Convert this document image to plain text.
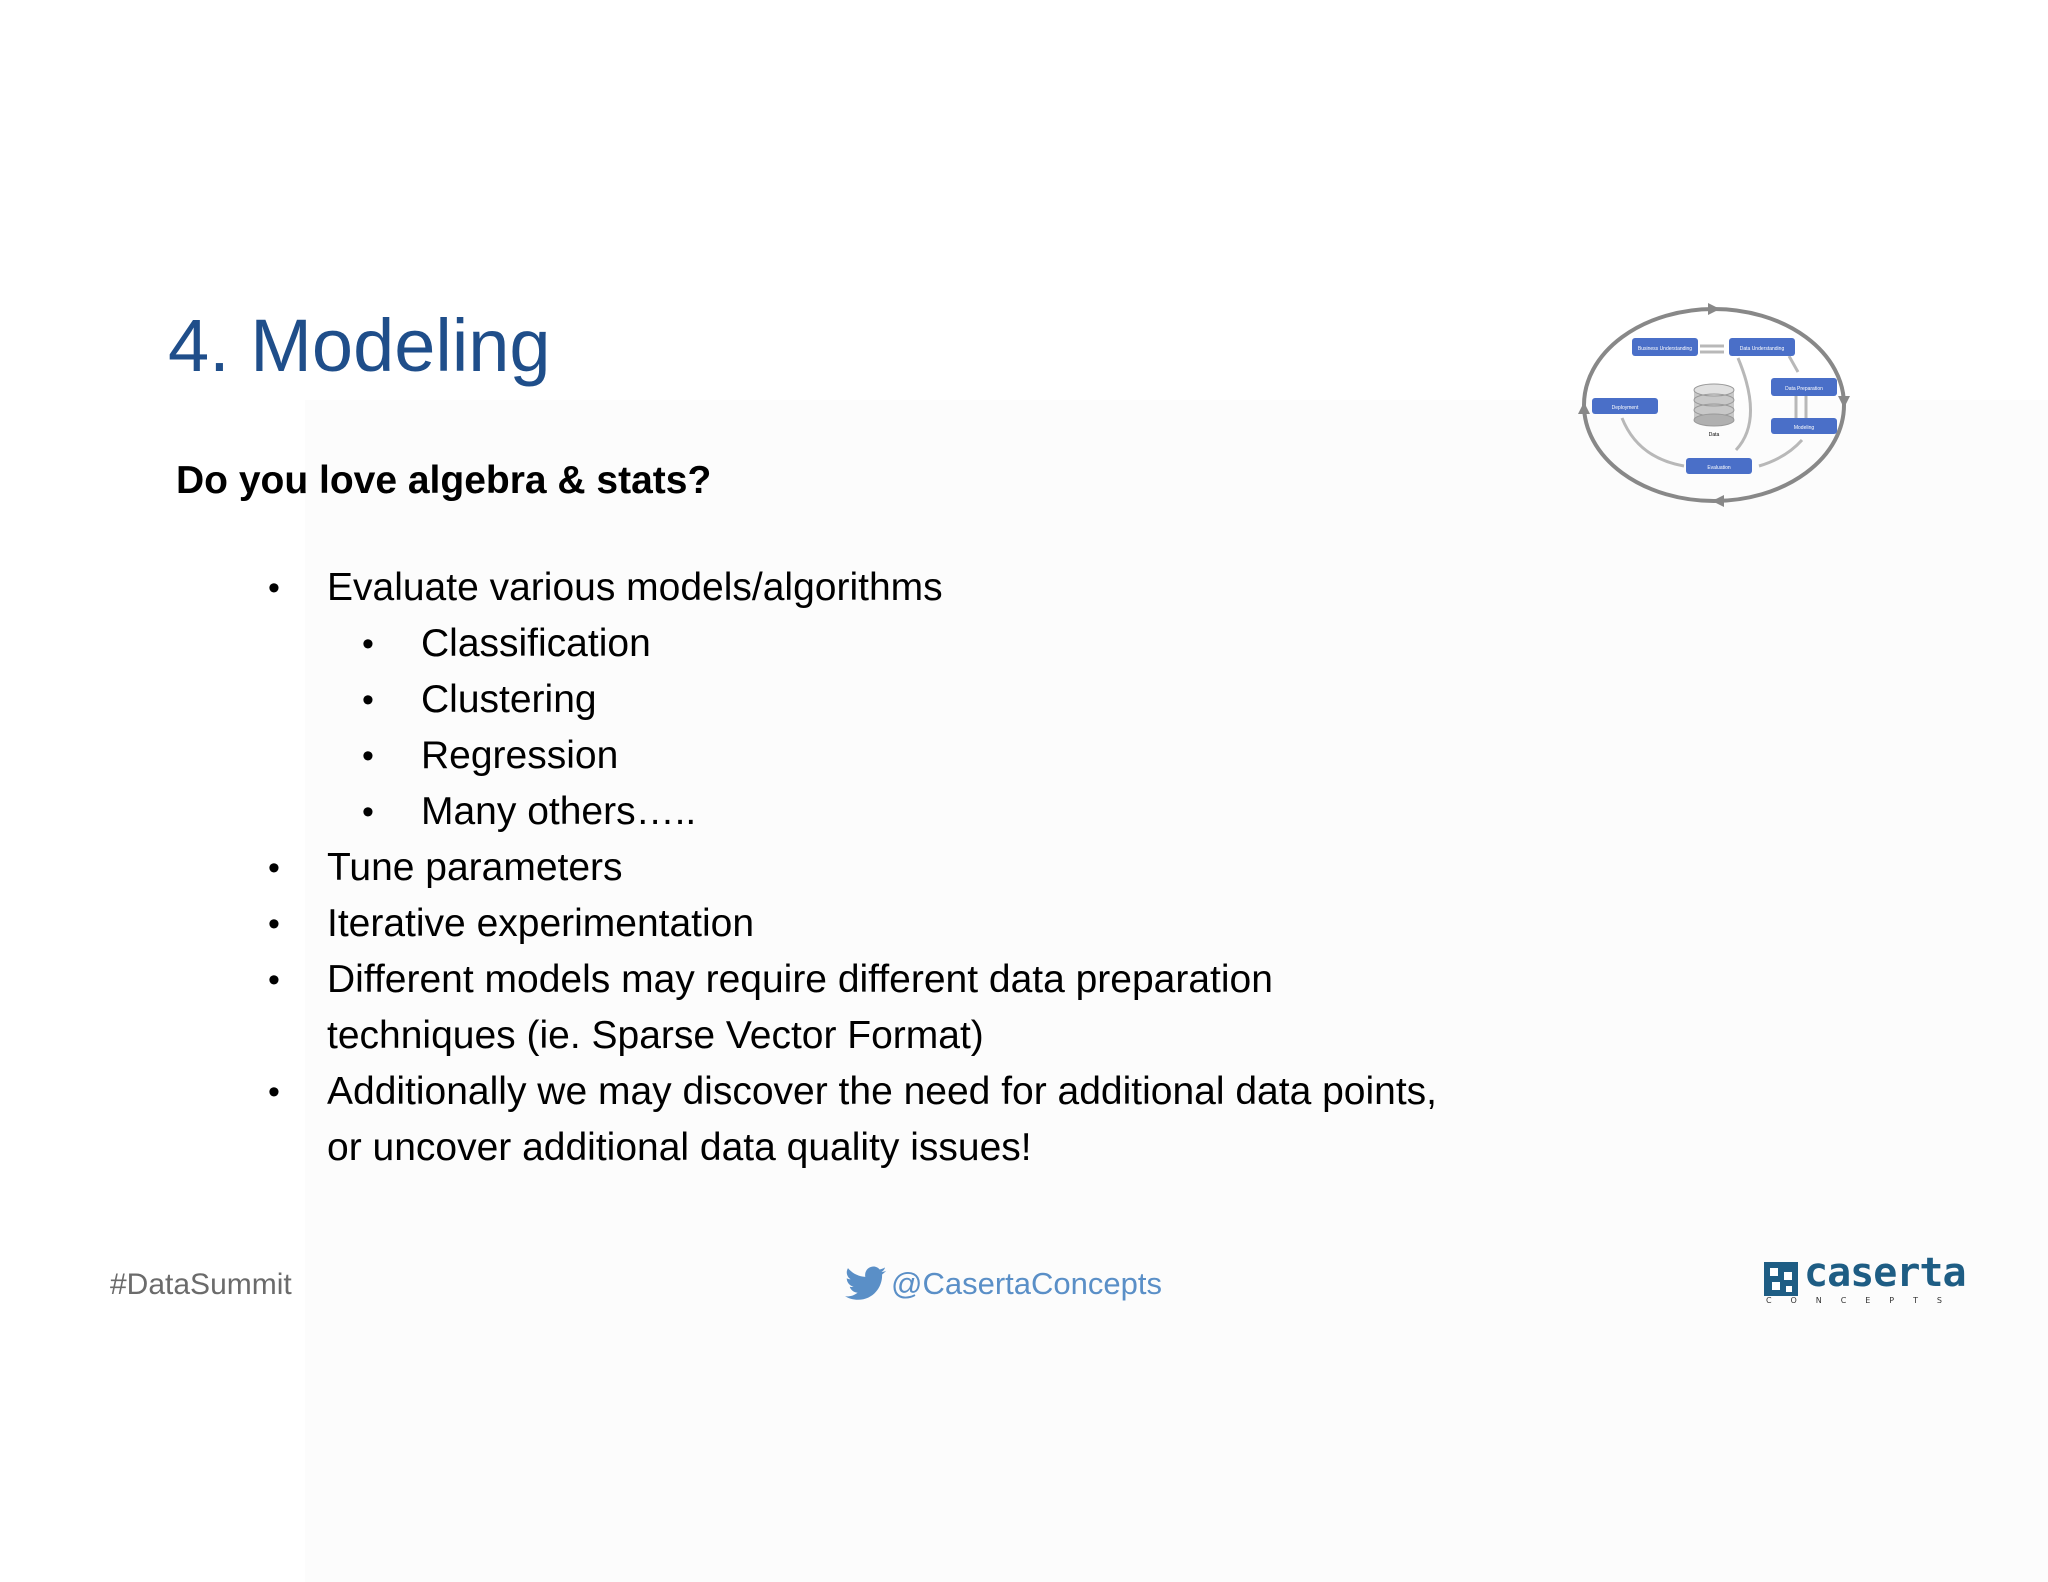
4. Modeling

Do you love algebra & stats?

• Evaluate various models/algorithms
• Classification
• Clustering
• Regression
• Many others…..
• Tune parameters
• Iterative experimentation
• Different models may require different data preparation
techniques (ie. Sparse Vector Format)
• Additionally we may discover the need for additional data points,
or uncover additional data quality issues!
Business Understanding	Data Understanding
Data Preparation
Modeling
Evaluation
Deployment
Data
#DataSummit	@CasertaConcepts	caserta
C O N C E P T S
